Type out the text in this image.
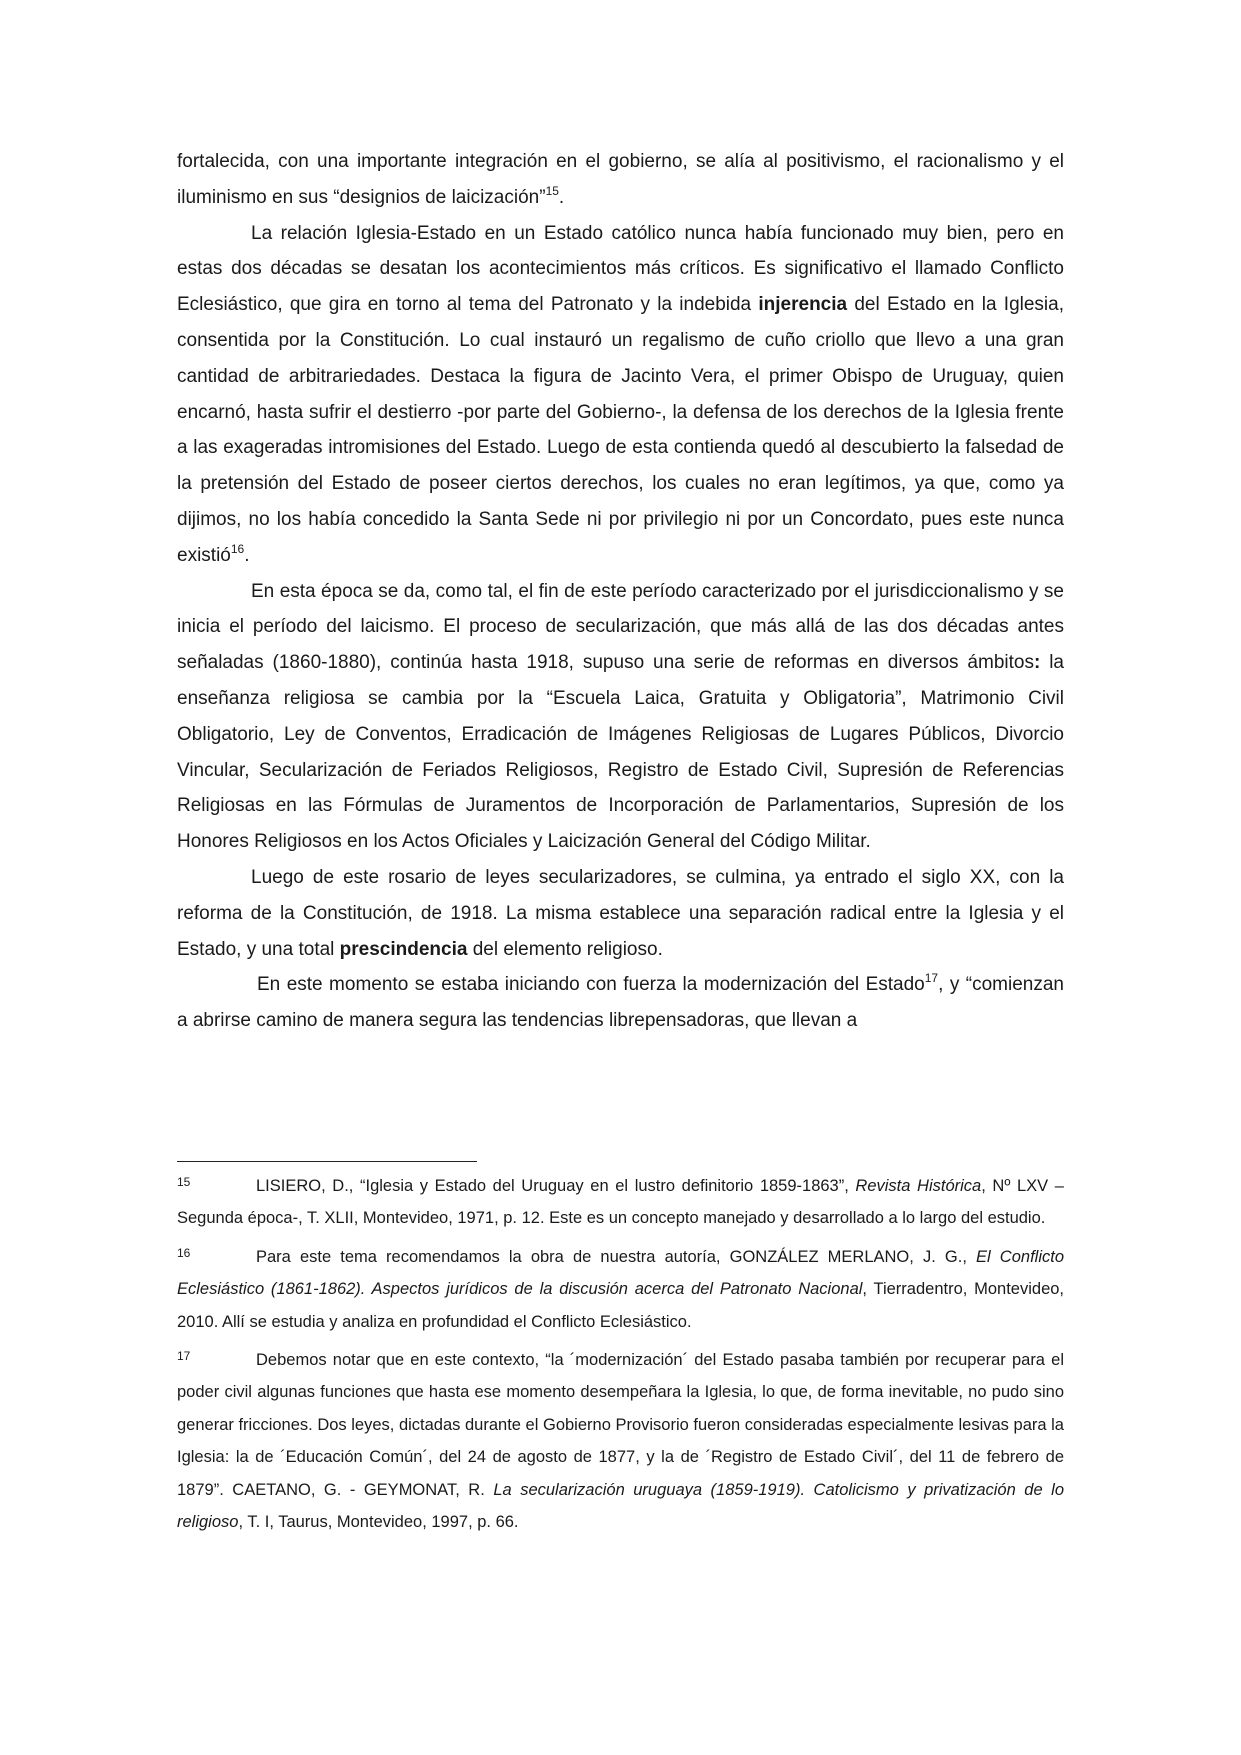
fortalecida, con una importante integración en el gobierno, se alía al positivismo, el racionalismo y el iluminismo en sus “designios de laicización”$^{15}$.

La relación Iglesia-Estado en un Estado católico nunca había funcionado muy bien, pero en estas dos décadas se desatan los acontecimientos más críticos. Es significativo el llamado Conflicto Eclesiástico, que gira en torno al tema del Patronato y la indebida injerencia del Estado en la Iglesia, consentida por la Constitución. Lo cual instauró un regalismo de cuño criollo que llevo a una gran cantidad de arbitrariedades. Destaca la figura de Jacinto Vera, el primer Obispo de Uruguay, quien encarnó, hasta sufrir el destierro -por parte del Gobierno-, la defensa de los derechos de la Iglesia frente a las exageradas intromisiones del Estado. Luego de esta contienda quedó al descubierto la falsedad de la pretensión del Estado de poseer ciertos derechos, los cuales no eran legítimos, ya que, como ya dijimos, no los había concedido la Santa Sede ni por privilegio ni por un Concordato, pues este nunca existió$^{16}$.

En esta época se da, como tal, el fin de este período caracterizado por el jurisdiccionalismo y se inicia el período del laicismo. El proceso de secularización, que más allá de las dos décadas antes señaladas (1860-1880), continúa hasta 1918, supuso una serie de reformas en diversos ámbitos: la enseñanza religiosa se cambia por la “Escuela Laica, Gratuita y Obligatoria”, Matrimonio Civil Obligatorio, Ley de Conventos, Erradicación de Imágenes Religiosas de Lugares Públicos, Divorcio Vincular, Secularización de Feriados Religiosos, Registro de Estado Civil, Supresión de Referencias Religiosas en las Fórmulas de Juramentos de Incorporación de Parlamentarios, Supresión de los Honores Religiosos en los Actos Oficiales y Laicización General del Código Militar.

Luego de este rosario de leyes secularizadores, se culmina, ya entrado el siglo XX, con la reforma de la Constitución, de 1918. La misma establece una separación radical entre la Iglesia y el Estado, y una total prescindencia del elemento religioso.

En este momento se estaba iniciando con fuerza la modernización del Estado$^{17}$, y “comienzan a abrirse camino de manera segura las tendencias librepensadoras, que llevan a

15	LISIERO, D., “Iglesia y Estado del Uruguay en el lustro definitorio 1859-1863”, Revista Histórica, Nº LXV –Segunda época-, T. XLII, Montevideo, 1971, p. 12. Este es un concepto manejado y desarrollado a lo largo del estudio.

16	Para este tema recomendamos la obra de nuestra autoría, GONZÁLEZ MERLANO, J. G., El Conflicto Eclesiástico (1861-1862). Aspectos jurídicos de la discusión acerca del Patronato Nacional, Tierradentro, Montevideo, 2010. Allí se estudia y analiza en profundidad el Conflicto Eclesiástico.

17	Debemos notar que en este contexto, “la ´modernización´ del Estado pasaba también por recuperar para el poder civil algunas funciones que hasta ese momento desempeñara la Iglesia, lo que, de forma inevitable, no pudo sino generar fricciones. Dos leyes, dictadas durante el Gobierno Provisorio fueron consideradas especialmente lesivas para la Iglesia: la de ´Educación Común´, del 24 de agosto de 1877, y la de ´Registro de Estado Civil´, del 11 de febrero de 1879”. CAETANO, G. - GEYMONAT, R. La secularización uruguaya (1859-1919). Catolicismo y privatización de lo religioso, T. I, Taurus, Montevideo, 1997, p. 66.
